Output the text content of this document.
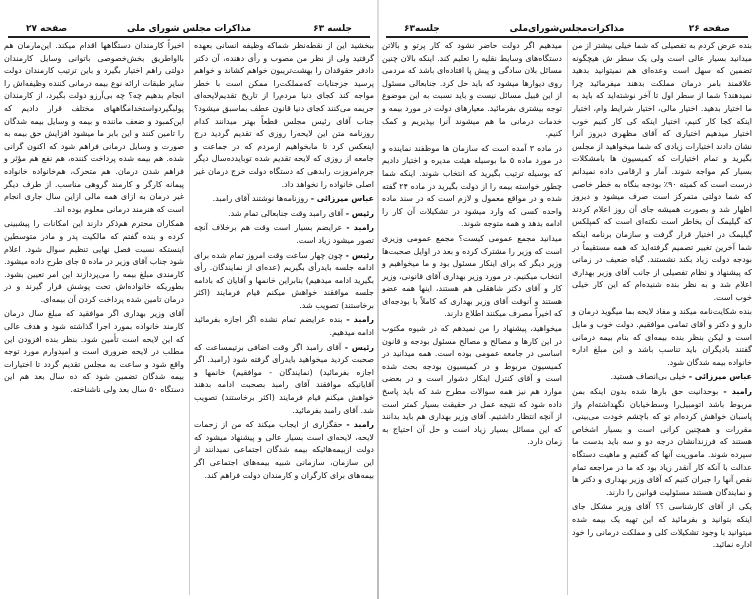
جلسه ۶۳
مذاکرات مجلس شورای ملی
صفحه ۲۷

ببخشید این از نقطه‌نظر شماکه وظیفه انسانی بعهده گرفتید ولی از نظر من مصوب و رأی دهنده، آن دکتر دادفر حقوقدان را بهشت‌تریبون خواهم کشاند و خواهم پرسید جزجنایات که‌مملکت‌را ممکن است با خطر مواجه کند کجای دنیا مردم‌را از تاریخ تقدیم‌لایحه‌ای جریمه می‌کنند کجای دنیا قانون عطف بماسبق میشود؟ جناب آقای رئیس مجلس قطعاً بهتر میدانند کدام روزنامه متن این لایحه‌را روزی که تقدیم گردید درج اینعکس کرد تا مابخواهیم ازمردم که در جماعت و جامعه از روزی که لایحه تقدیم شده توبایدده‌سال دیگر جرم‌امروزت رابدهی که دستگاه دولت خرج درمان غیر اصلی خانواده را نخواهد داد.

عباس میرزائی - روزنامه‌ها نوشتند آقای رامبد.

رئیس - آقای رامبد وقت جنابعالی تمام شد.

رامبد - عرایضم بسیار است وقت هم برخلاف آنچه تصور میشود زیاد است.

رئیس - چون چهار ساعت وقت امروز تمام شده برای ادامه جلسه بایدرأی بگیریم (عده‌ای از نمایندگان. رأی بگیرید ادامه میدهیم) بنابراین خانمها و آقایان که بادامه جلسه موافقند خواهش میکنم قیام فرمایند (اکثر برخاستند) تصویب شد.

رامبد - بنده عرایضم تمام نشده اگر اجازه بفرمائید ادامه میدهیم.

رئیس - آقای رامبد اگر وقت اضافی برتیمساعت که صحبت کردید میخواهید بایدرأی گرفته شود (رامبد. اگر اجازه بفرمائید) (نمایندگان - موافقیم) خانمها و آقایانیکه موافقند آقای رامبد بصحبت ادامه بدهند خواهش میکنم قیام فرمایند (اکثر برخاستند) تصویب شد. آقای رامبد بفرمائید.

رامبد - حقگزاری از ایجاب میکند که من از زحمات لایحه، لایحه‌ای است بسیار عالی و پیشنهاد میشود که دولت ازبیمه‌هائیکه بیمه شدگان اجتماعی نمیدانند از این سازمان، سازمانی شبیه بیمه‌های اجتماعی اگر بیمه‌های برای کارگران و کارمندان دولت فراهم کند.

اخیراً کارمندان دستگاهها اقدام میکند. این‌مارمان هم بااواطریق بخش‌خصوصی باتوانی وسایل کارمندان دولتی راهم اختیار بگیرد و باین ترتیب کارمندان دولت سایر طبقات ارائه نوع بیمه درمانی کننده وظیفه‌اش را انجام بدهیم چه؟ چه بی‌آرزو دولت بگیرد، از کارمندان پولبگیردواستخدامگاههای مختلف قرار دادیم که این‌کمبود و ضعف ماننده و بیمه و وسایل بیمه شدگان را تامین کنند و این بابر ما میشود افزایش حق بیمه به صورت و وسایل درمانی فراهم شود که اکنون گرانی شده. هم بیمه شده پرداخت کننده، هم نفع هم مؤثر و فراهم شدن درمان. هم متحرک، هم‌خانواده خانواده پیمانه کارگر و کارمند گروهی مناسب. از طرف دیگر غیر درمان به ازای همه مالی ازاین سال جاری انجام است که هنرمند درمانی معلوم بوده اند.

همکاران محترم هم‌ذکر دارند این امکانات را پیشبینی کرده و بنده گفتم که مالکیت پدر و مادر متوسطین اینستکه نسبت فصل نهایی تنظیم سوال شود. اعلام شود جناب آقای وزیر در ماده ۵ جای طرح داده میشود. کارمندی مبلغ بیمه را می‌پردازند این امر تعیین بشود. بطوریکه خانواده‌اش تحت پوشش قرار گیرند و در درمان تامین شده پرداخت کردن آن بیمه‌ای.

آقای وزیر بهداری اگر موافقید که مبلغ سال درمان کارمند خانواده بمورد اجرا گذاشته شود و هدف عالی که این لایحه است تأمین شود. بنظر بنده افزودن این مطلب در لایحه ضروری است و امیدوارم مورد توجه واقع شود و ساعت به مجلس تقدیم گردد تا اختیارات بیمه شدگان تضمین شود که ده سال بعد هم این دستگاه ۵۰ سال بعد ولی ناشناخته.

صفحه ۲۶
مذاکرات‌مجلس‌شورای‌ملی
جلسه۶۳

بنده عرض کردم به تفصیلی که شما خیلی بیشتر از من میدانید بسیار عالی است ولی یک سطر ش هیچگونه تضمین که سهل است وعده‌ای هم نمیتوانید بدهید علاقمند بامر درمان مملکت بدهند میفرمائید چرا نمیدهند؟ شما از سطر اول تا آخر نوشته‌اید که باید به ما اختیار بدهید. اختیار مالی، اختیار شرایط وام، اختیار اینکه کجا کار کنیم، اختیار اینکه کی کار کنیم خوب اختیار میدهیم اختیاری که آقای مظهری دیروز آنرا نشان دادند اختیارات زیادی که شما میخواهید از مجلس بگیرید و تمام اختیارات که کمیسیون ها بامشکلات بسیار کم مواجه شوند. آمار و ارقامی داده نمیدانم درست است که کمیته ۹۰٪ بودجه بنگاه به خطر خاصی که شما دولتی متمرکز است صرف میشود و دیروز اظهار شد و بصورت همیشه جای آن روز اعلام کردند که گیلیمک آن بخاطر است نکته‌ای است که کمپلکس گیلیمک در اختیار قرار گرفت و سازمان برنامه اینکه شما آخرین تغییر تصمیم گرفته‌اید که همه مستقیماً در بودجه دولت زیاد بکند نشستند. گیاه ضعیف در زمانی که پیشنهاد و نظام تفصیلی از جانب آقای وزیر بهداری اعلام شد و به نظر بنده شنیده‌ام که این کار خیلی خوب است.

بنده شکایت‌نامه میکند و مفاد لایحه بما میگوید درمان و دارو و دکتر و آقای تمامی موافقیم. دولت خوب و مایل است و لیکن بنظر بنده بیمه‌ای که بنام بیمه درمانی گفتند بادیگران باید تناسب باشد و این مبلغ اداره خانواده بیمه شدگان شود.

عباس میرزائی - خیلی بی‌انصاف هستید.

رامبد - بوحدانیت حق بارها شده بدون اینکه بمن مربوط باشد اتومبیل‌را وسط‌خیابان نگهداشته‌ام واز پاسبان خواهش کرده‌ام تو که باچشم خودت می‌بینی، مقررات و همچنین کرانی است و بسیار اشخاص هستند که فرزندانشان درجه دو و سه باید بدست ما سپرده شوند. ماموریت آنها که گفتیم و ماهیت دستگاه عدالت با آنکه کار آنقدر زیاد بود که ما در مراجعه تمام نقص آنها را جبران کنیم که آقای وزیر بهداری و دکتر ها و نمایندگان هستند مسئولیت قوانین را دارند.

یکی از آقای کارشناسی ؟؟ آقای وزیر مشکل جای اینکه بتوانید و بفرمائید که این تهیه یک بیمه شده میتوانید با وجود تشکیلات کلی و مملکت درمانی را خود اداره نمائید.

میدهیم اگر دولت حاضر نشود که کار پرتو و بالاتن دستگاه‌های وسایط نقلیه را تعلیم کند. اینکه بالان چنین مسائل بلان سادگی و پیش پا افتاده‌ای باشد که مردمی روی دیوارها میشود که باید حل کرد. جنابعالی مسئول از این قبیل مسائل نیست و باید نسبت به این موضوع توجه بیشتری بفرمائید. معیارهای دولت در مورد بیمه و خدمات درمانی ما هم میشوند آنرا بپذیریم و کمک کنیم.

در ماده ۳ آمده است که سازمان ها موظفند نماینده و در مورد ماده ۵ ما بوسیله هیئت مدیره و اختیار دادیم که بوسیله ترتیب بگیرید که انتخاب شوند. اینکه شما چطور خواسته بیمه را از دولت بگیرید در ماده ۲۴ گفته شده و در مواقع معمول و لازم است که در سند ماده واحده کسی که وارد میشود در تشکیلات آن کار را ادامه بدهد و همه متوجه شوند.

میدانید مجمع عمومی کیست؟ مجمع عمومی وزیری است که وزیر را مشترک کرده و بعد در اوایل صحبت‌ها وزیر دیگر که برای اینکار مسئول بود و ما میخواهیم و انتخاب میکنیم. در مورد وزیر بهداری آقای قانونی، وزیر کار و آقای دکتر شاهقلی هم هستند، اینها همه عضو هستند و آنوقت آقای وزیر بهداری که کاملاً با بودجه‌ای که اخیراً مصرف میکنند اطلاع دارند.

میخواهید، پیشنهاد را من نمیدهم که در شیوه مکتوب در این کارها و مصالح و مصالح مسئول بودجه و قانون اساسی در جامعه عمومی بوده است. همه میدانید در کمیسیون مربوط و در کمیسیون بودجه بحث شده است و آقای کنترل اینکار دشوار است و در بعضی موارد هم نیز همه سوالات مطرح شد که باید پاسخ داده شود که نتیجه عمل در حقیقت بسیار کمتر است از آنچه انتظار داشتیم. آقای وزیر بهداری هم باید بدانند که این مسائل بسیار زیاد است و حل آن احتیاج به زمان دارد.
